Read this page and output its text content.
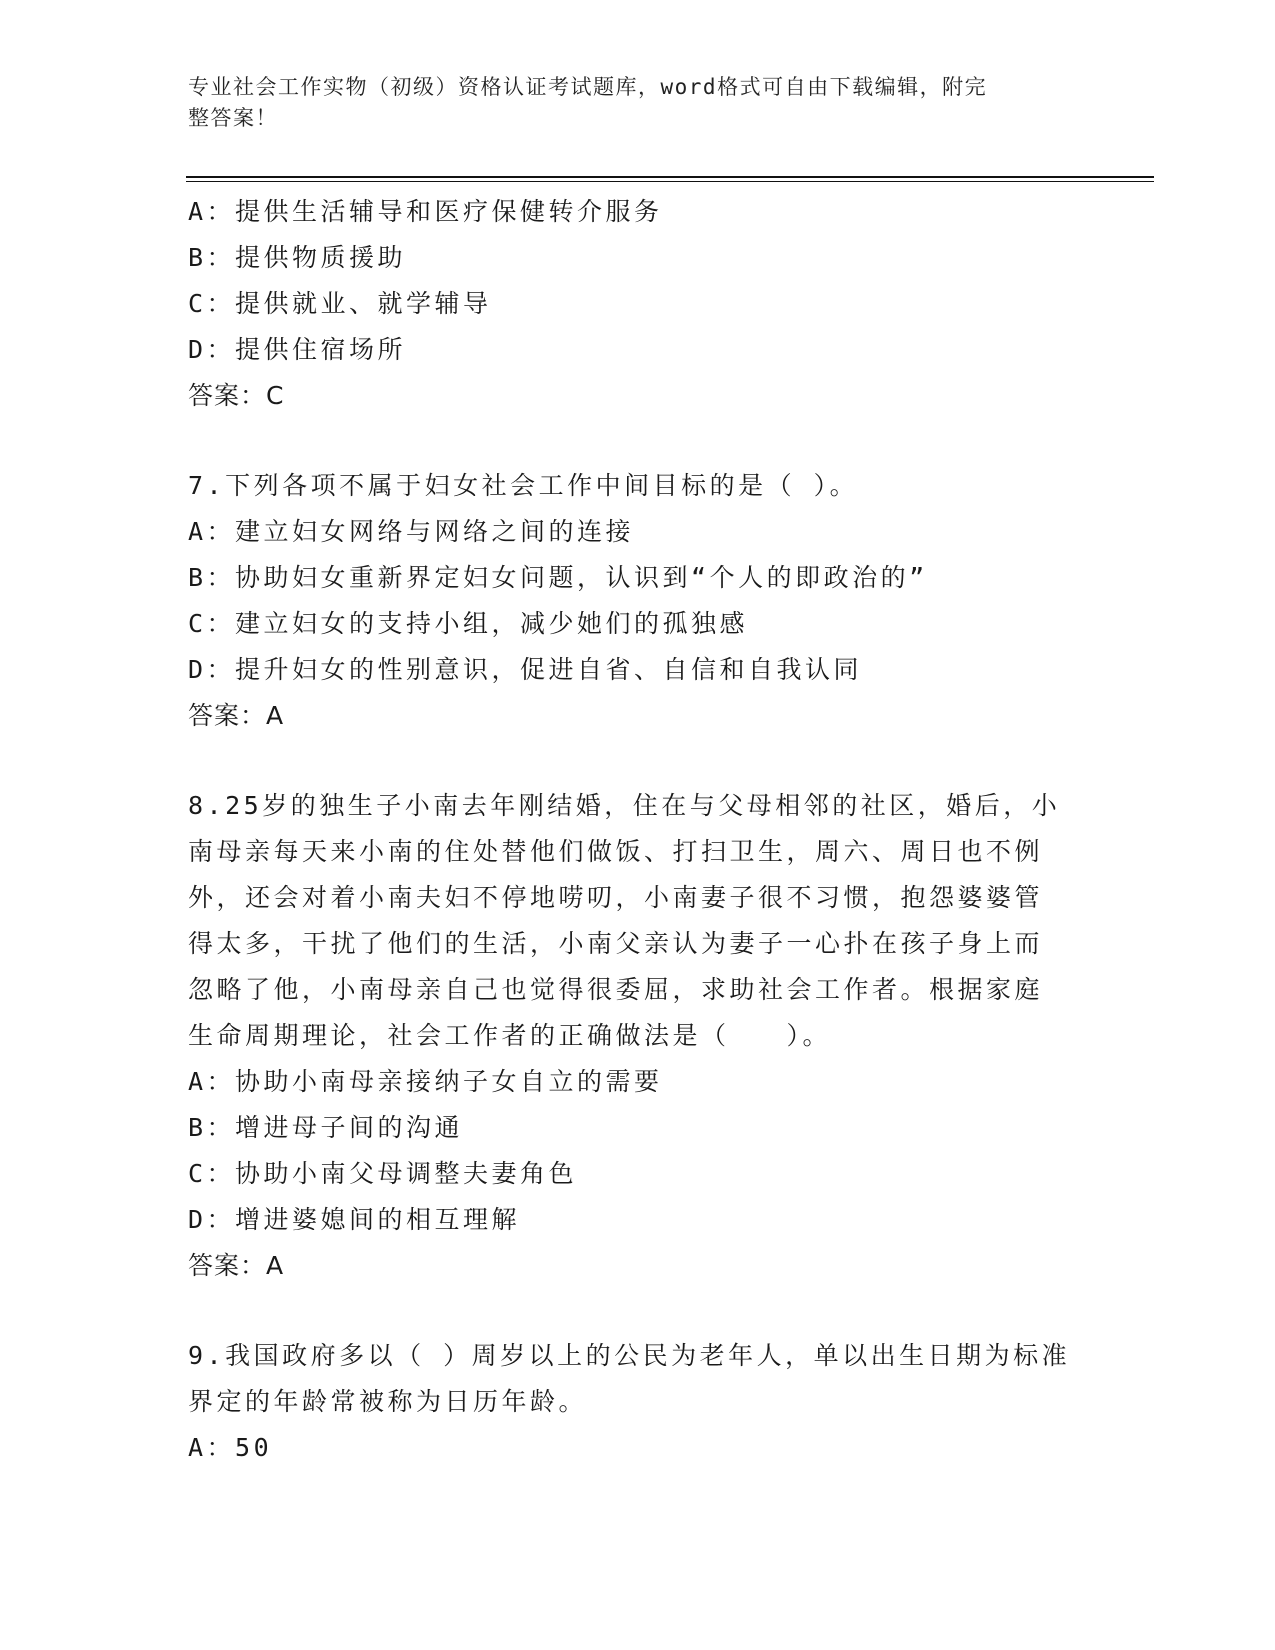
专业社会工作实物（初级）资格认证考试题库，word格式可自由下载编辑，附完
整答案！
A：提供生活辅导和医疗保健转介服务
B：提供物质援助
C：提供就业、就学辅导
D：提供住宿场所
答案：C
7.下列各项不属于妇女社会工作中间目标的是（ ）。
A：建立妇女网络与网络之间的连接
B：协助妇女重新界定妇女问题，认识到“个人的即政治的”
C：建立妇女的支持小组，减少她们的孤独感
D：提升妇女的性别意识，促进自省、自信和自我认同
答案：A
8.25岁的独生子小南去年刚结婚，住在与父母相邻的社区，婚后，小
南母亲每天来小南的住处替他们做饭、打扫卫生，周六、周日也不例
外，还会对着小南夫妇不停地唠叨，小南妻子很不习惯，抱怨婆婆管
得太多，干扰了他们的生活，小南父亲认为妻子一心扑在孩子身上而
忽略了他，小南母亲自己也觉得很委屈，求助社会工作者。根据家庭
生命周期理论，社会工作者的正确做法是（　　）。
A：协助小南母亲接纳子女自立的需要
B：增进母子间的沟通
C：协助小南父母调整夫妻角色
D：增进婆媳间的相互理解
答案：A
9.我国政府多以（ ）周岁以上的公民为老年人，单以出生日期为标准
界定的年龄常被称为日历年龄。
A：50
